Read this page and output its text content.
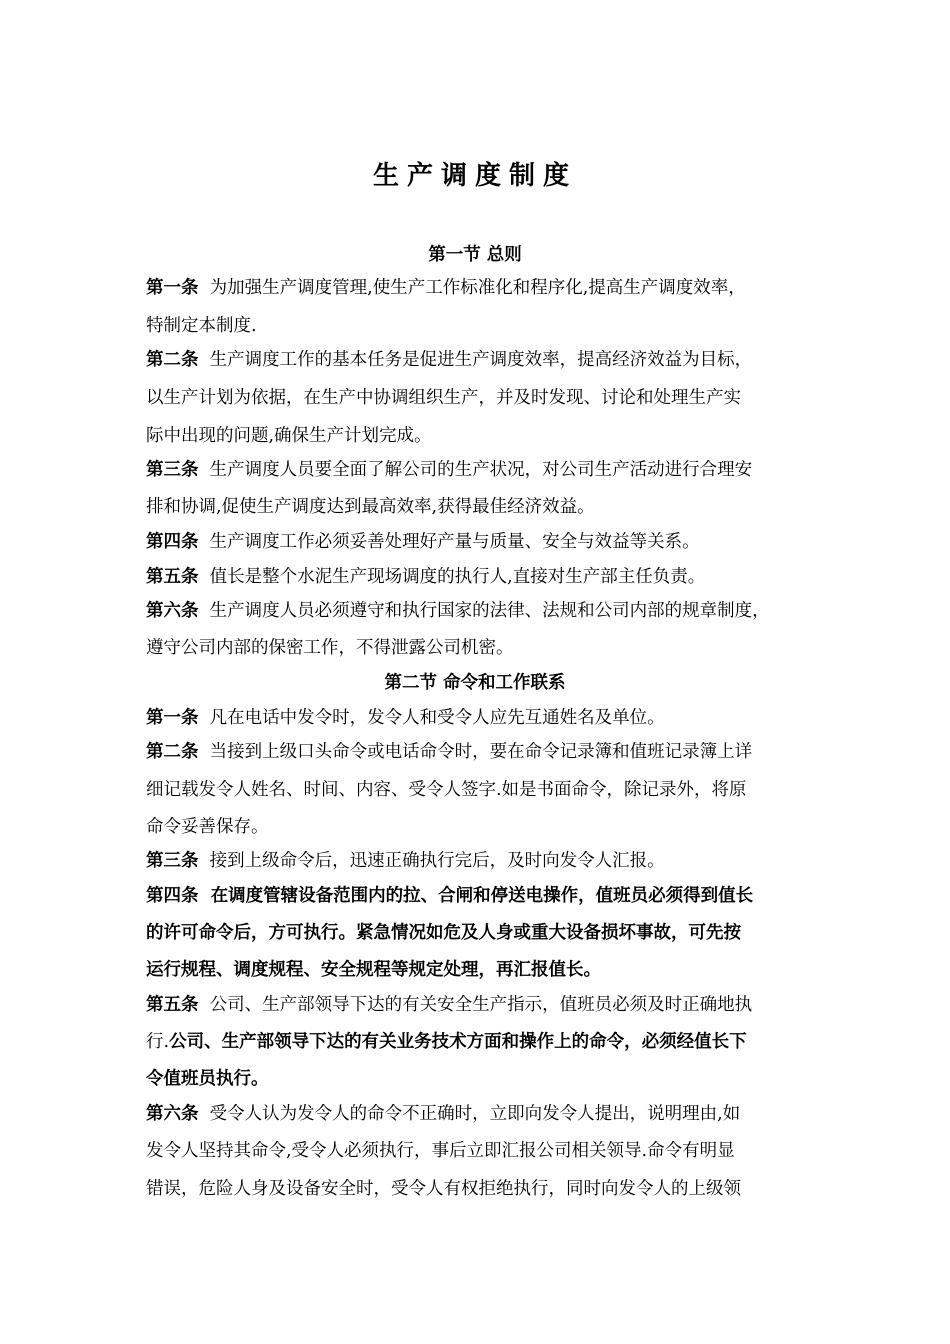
生产调度制度
第一节 总则
第一条 为加强生产调度管理,使生产工作标准化和程序化,提高生产调度效率，
特制定本制度.
第二条 生产调度工作的基本任务是促进生产调度效率，提高经济效益为目标，
以生产计划为依据，在生产中协调组织生产，并及时发现、讨论和处理生产实
际中出现的问题,确保生产计划完成。
第三条 生产调度人员要全面了解公司的生产状况，对公司生产活动进行合理安
排和协调,促使生产调度达到最高效率,获得最佳经济效益。
第四条 生产调度工作必须妥善处理好产量与质量、安全与效益等关系。
第五条 值长是整个水泥生产现场调度的执行人,直接对生产部主任负责。
第六条 生产调度人员必须遵守和执行国家的法律、法规和公司内部的规章制度，
遵守公司内部的保密工作，不得泄露公司机密。
第二节 命令和工作联系
第一条 凡在电话中发令时，发令人和受令人应先互通姓名及单位。
第二条 当接到上级口头命令或电话命令时，要在命令记录簿和值班记录簿上详
细记载发令人姓名、时间、内容、受令人签字.如是书面命令，除记录外，将原
命令妥善保存。
第三条 接到上级命令后，迅速正确执行完后，及时向发令人汇报。
第四条 在调度管辖设备范围内的拉、合闸和停送电操作，值班员必须得到值长
的许可命令后，方可执行。紧急情况如危及人身或重大设备损坏事故，可先按
运行规程、调度规程、安全规程等规定处理，再汇报值长。
第五条 公司、生产部领导下达的有关安全生产指示，值班员必须及时正确地执
行.公司、生产部领导下达的有关业务技术方面和操作上的命令，必须经值长下
令值班员执行。
第六条 受令人认为发令人的命令不正确时，立即向发令人提出，说明理由,如
发令人坚持其命令,受令人必须执行，事后立即汇报公司相关领导.命令有明显
错误，危险人身及设备安全时，受令人有权拒绝执行，同时向发令人的上级领
